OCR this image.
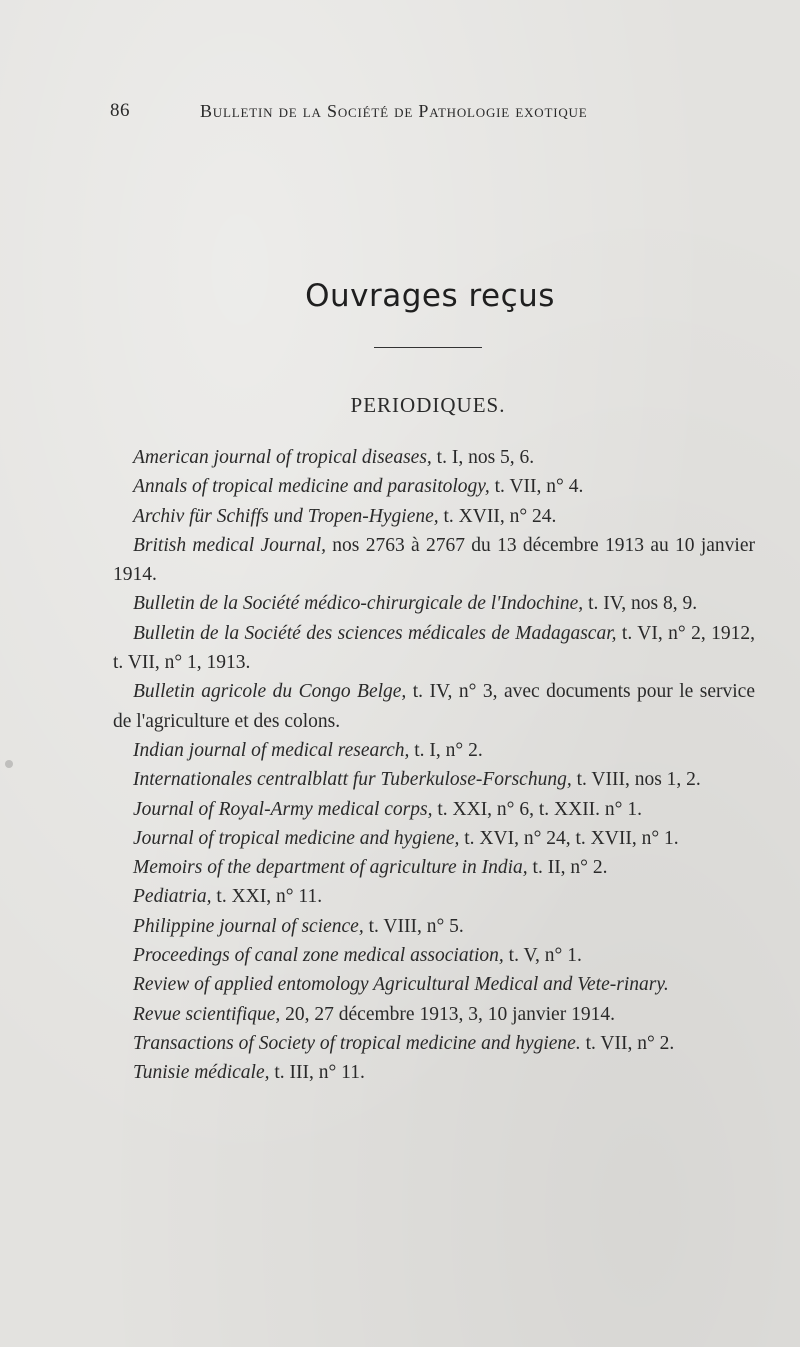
86	Bulletin de la Société de Pathologie exotique
Ouvrages reçus
PERIODIQUES.
American journal of tropical diseases, t. I, nos 5, 6.
Annals of tropical medicine and parasitology, t. VII, n° 4.
Archiv für Schiffs und Tropen-Hygiene, t. XVII, n° 24.
British medical Journal, nos 2763 à 2767 du 13 décembre 1913 au 10 janvier 1914.
Bulletin de la Société médico-chirurgicale de l'Indochine, t. IV, nos 8, 9.
Bulletin de la Société des sciences médicales de Madagascar, t. VI, n° 2, 1912, t. VII, n° 1, 1913.
Bulletin agricole du Congo Belge, t. IV, n° 3, avec documents pour le service de l'agriculture et des colons.
Indian journal of medical research, t. I, n° 2.
Internationales centralblatt fur Tuberkulose-Forschung, t. VIII, nos 1, 2.
Journal of Royal-Army medical corps, t. XXI, n° 6, t. XXII. n° 1.
Journal of tropical medicine and hygiene, t. XVI, n° 24, t. XVII, n° 1.
Memoirs of the department of agriculture in India, t. II, n° 2.
Pediatria, t. XXI, n° 11.
Philippine journal of science, t. VIII, n° 5.
Proceedings of canal zone medical association, t. V, n° 1.
Review of applied entomology Agricultural Medical and Vete-rinary.
Revue scientifique, 20, 27 décembre 1913, 3, 10 janvier 1914.
Transactions of Society of tropical medicine and hygiene. t. VII, n° 2.
Tunisie médicale, t. III, n° 11.
